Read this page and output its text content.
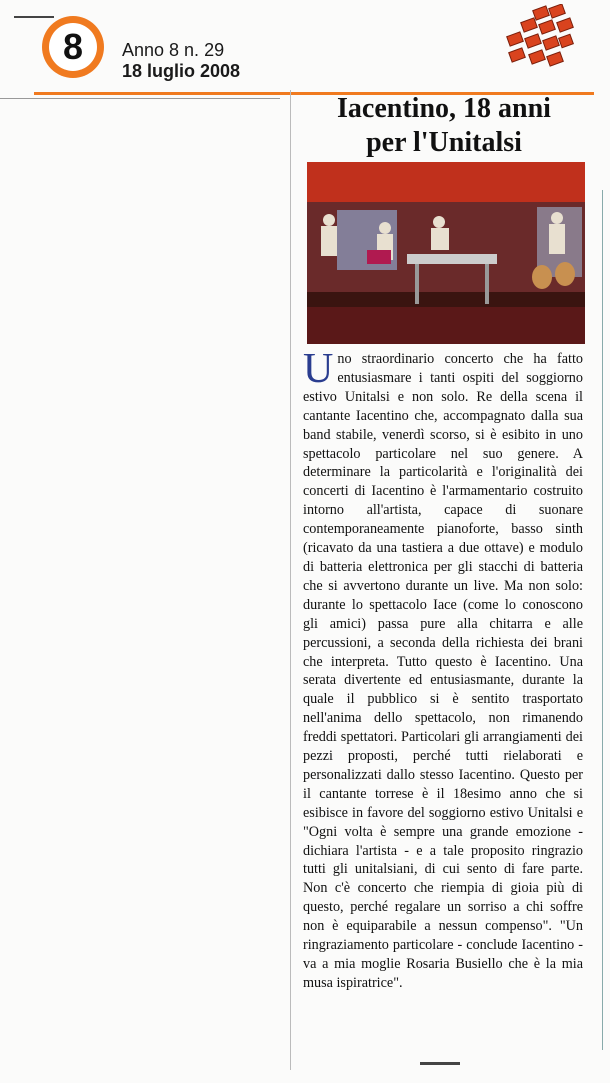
8	Anno 8 n. 29
18 luglio 2008
Iacentino, 18 anni
per l'Unitalsi
Uno straordinario concerto che ha fatto entusiasmare i tanti ospiti del soggiorno estivo Unitalsi e non solo. Re della scena il cantante Iacentino che, accompagnato dalla sua band stabile, venerdì scorso, si è esibito in uno spettacolo particolare nel suo genere. A determinare la particolarità e l'originalità dei concerti di Iacentino è l'armamentario costruito intorno all'artista, capace di suonare contemporaneamente pianoforte, basso sinth (ricavato da una tastiera a due ottave) e modulo di batteria elettronica per gli stacchi di batteria che si avvertono durante un live. Ma non solo: durante lo spettacolo Iace (come lo conoscono gli amici) passa pure alla chitarra e alle percussioni, a seconda della richiesta dei brani che interpreta. Tutto questo è Iacentino. Una serata divertente ed entusiasmante, durante la quale il pubblico si è sentito trasportato nell'anima dello spettacolo, non rimanendo freddi spettatori. Particolari gli arrangiamenti dei pezzi proposti, perché tutti rielaborati e personalizzati dallo stesso Iacentino. Questo per il cantante torrese è il 18esimo anno che si esibisce in favore del soggiorno estivo Unitalsi e "Ogni volta è sempre una grande emozione - dichiara l'artista - e a tale proposito ringrazio tutti gli unitalsiani, di cui sento di fare parte. Non c'è concerto che riempia di gioia più di questo, perché regalare un sorriso a chi soffre non è equiparabile a nessun compenso". "Un ringraziamento particolare - conclude Iacentino - va a mia moglie Rosaria Busiello che è la mia musa ispiratrice".
